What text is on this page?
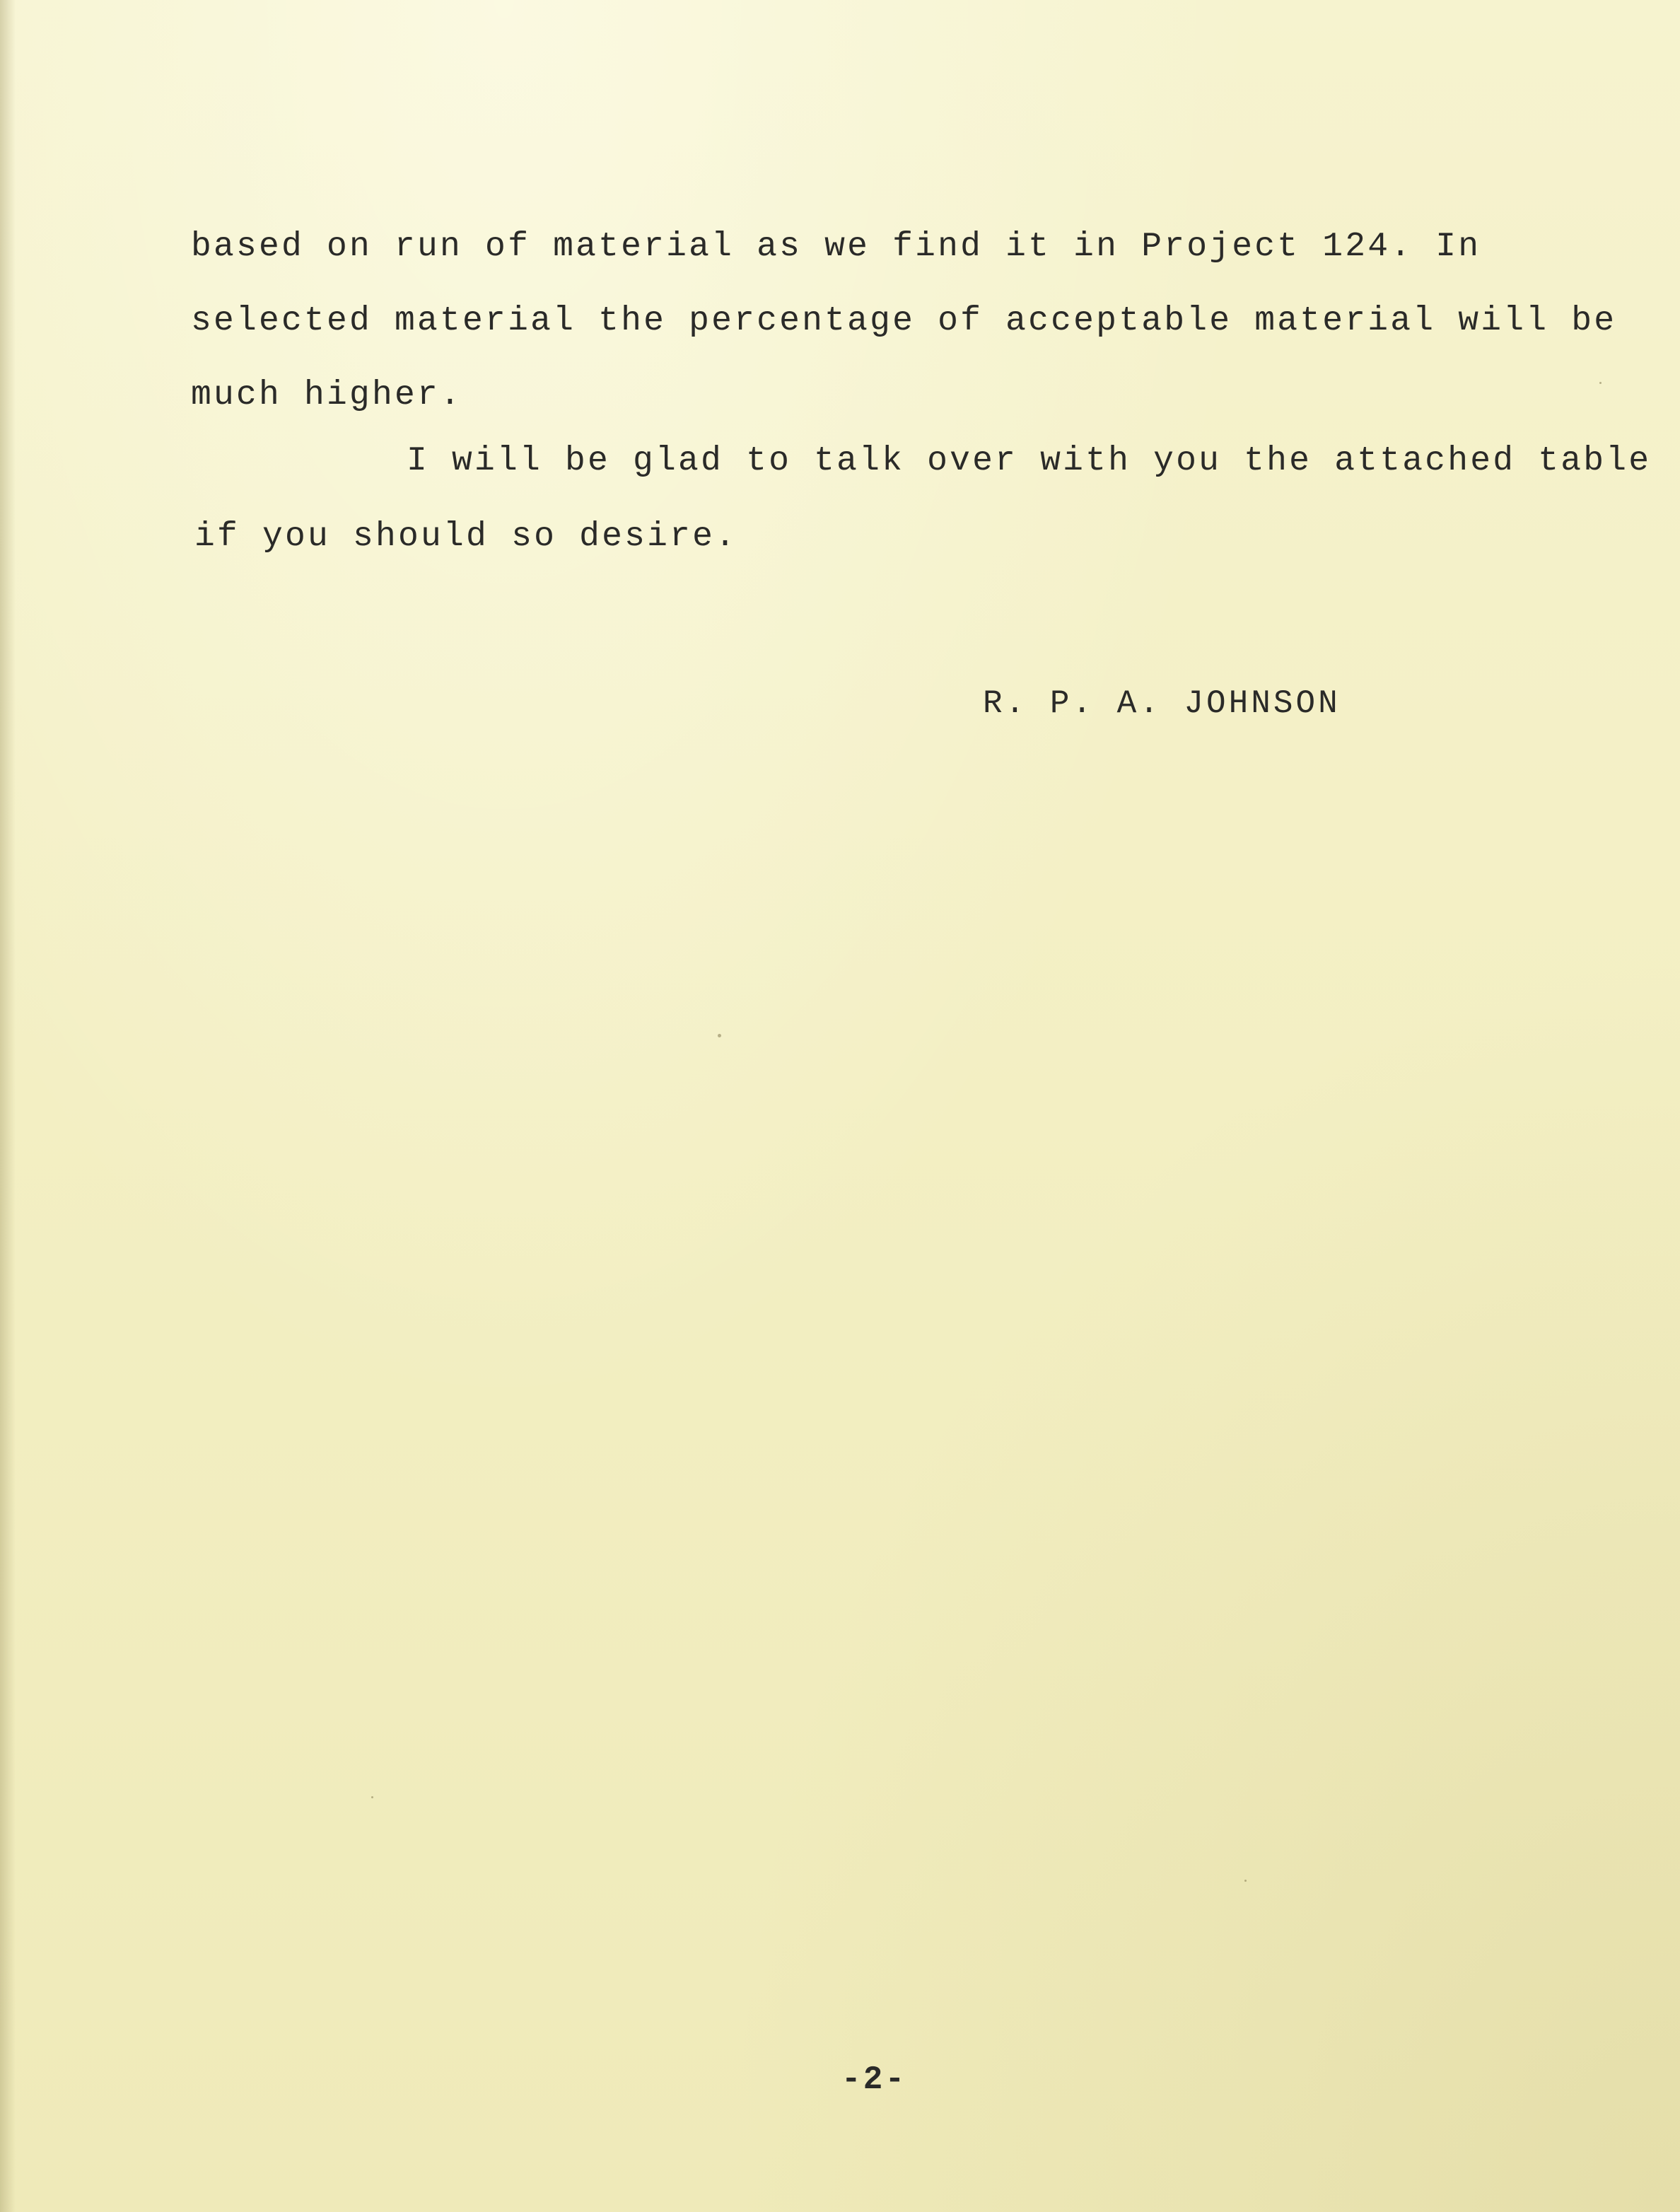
based on run of material as we find it in Project 124. In
selected material the percentage of acceptable material will be
much higher.
I will be glad to talk over with you the attached table
if you should so desire.
R. P. A. JOHNSON
-2-
